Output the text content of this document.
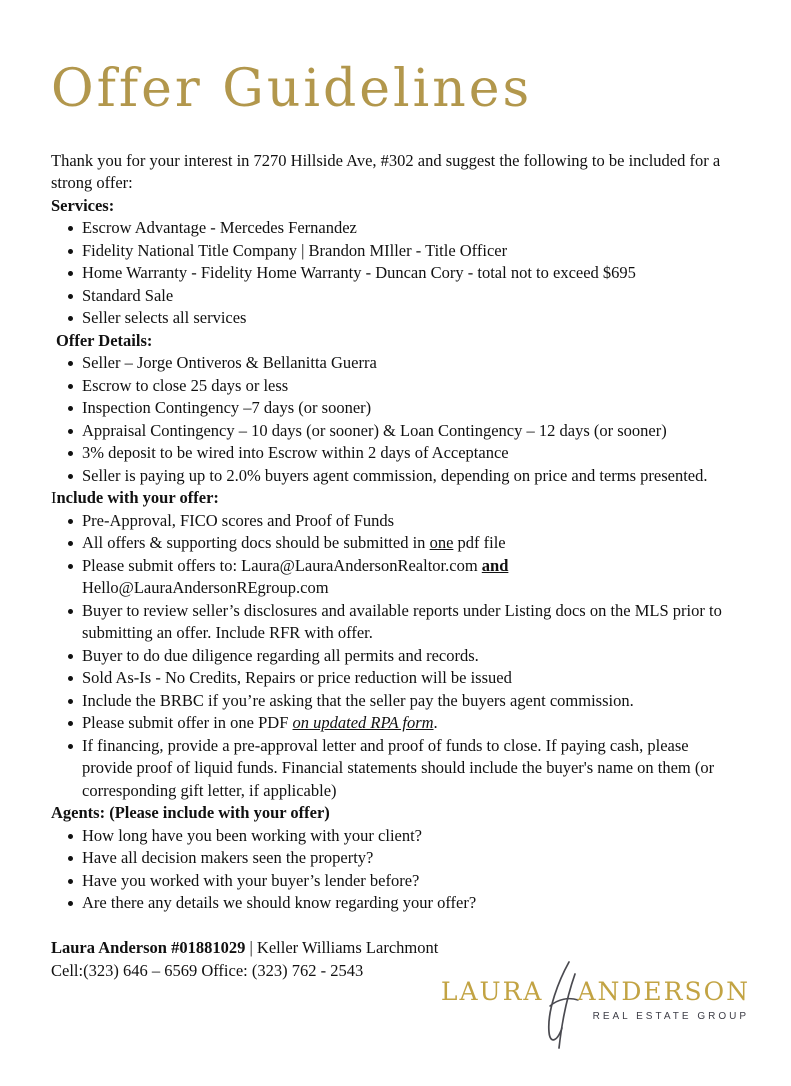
Offer Guidelines

Thank you for your interest in 7270 Hillside Ave, #302 and suggest the following to be included for a strong offer:

Services:

Escrow Advantage - Mercedes Fernandez
Fidelity National Title Company | Brandon MIller - Title Officer
Home Warranty - Fidelity Home Warranty - Duncan Cory - total not to exceed $695
Standard Sale
Seller selects all services

Offer Details:

Seller – Jorge Ontiveros & Bellanitta Guerra
Escrow to close 25 days or less
Inspection Contingency –7 days (or sooner)
Appraisal Contingency – 10 days (or sooner) & Loan Contingency – 12 days (or sooner)
3% deposit to be wired into Escrow within 2 days of Acceptance
Seller is paying up to 2.0% buyers agent commission, depending on price and terms presented.

Include with your offer:

Pre-Approval, FICO scores and Proof of Funds
All offers & supporting docs should be submitted in one pdf file
Please submit offers to: Laura@LauraAndersonRealtor.com and Hello@LauraAndersonREgroup.com
Buyer to review seller’s disclosures and available reports under Listing docs on the MLS prior to submitting an offer. Include RFR with offer.
Buyer to do due diligence regarding all permits and records.
Sold As-Is - No Credits, Repairs or price reduction will be issued
Include the BRBC if you’re asking that the seller pay the buyers agent commission.
Please submit offer in one PDF on updated RPA form.
If financing, provide a pre-approval letter and proof of funds to close. If paying cash, please provide proof of liquid funds. Financial statements should include the buyer's name on them (or corresponding gift letter, if applicable)

Agents: (Please include with your offer)

How long have you been working with your client?
Have all decision makers seen the property?
Have you worked with your buyer’s lender before?
Are there any details we should know regarding your offer?

Laura Anderson #01881029 | Keller Williams Larchmont

Cell:(323) 646 – 6569 Office: (323) 762 - 2543

LAURA ANDERSON
REAL ESTATE GROUP
